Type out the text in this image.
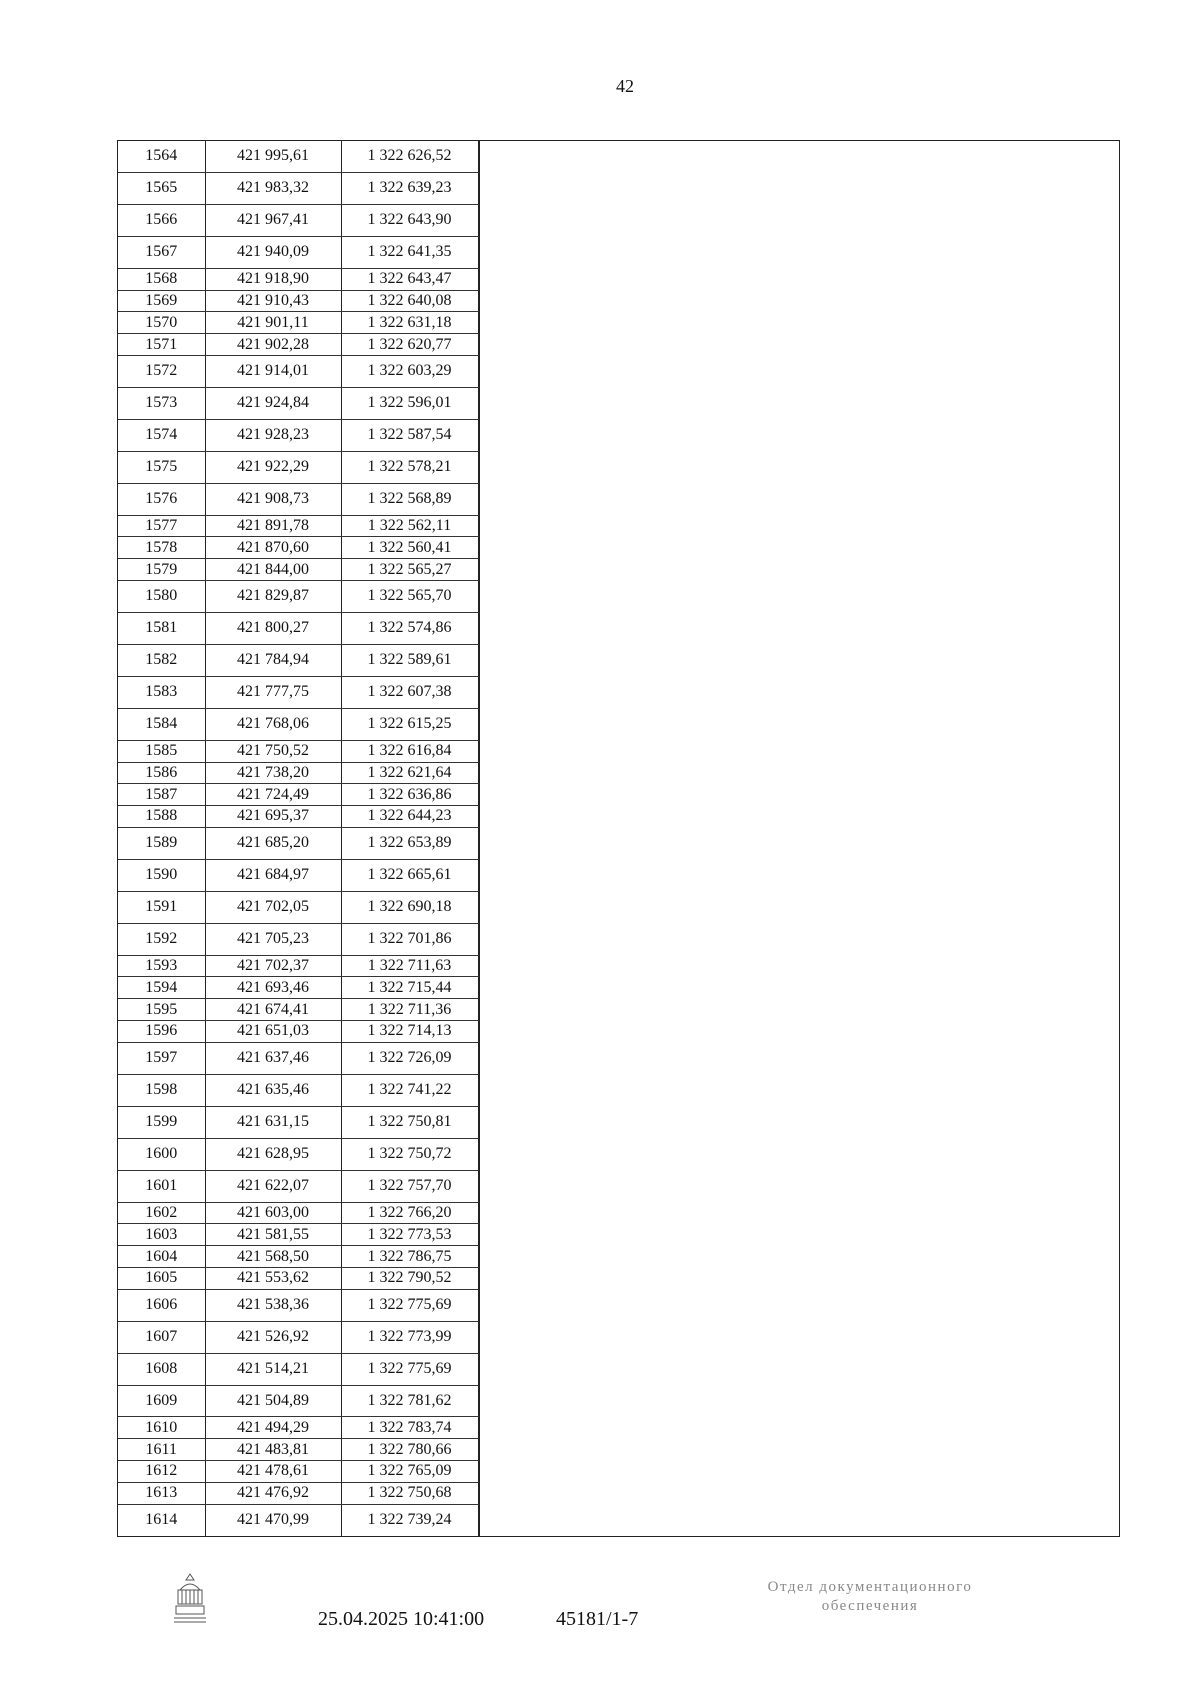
42
1564	421 995,61	1 322 626,52
1565	421 983,32	1 322 639,23
1566	421 967,41	1 322 643,90
1567	421 940,09	1 322 641,35
1568	421 918,90	1 322 643,47
1569	421 910,43	1 322 640,08
1570	421 901,11	1 322 631,18
1571	421 902,28	1 322 620,77
1572	421 914,01	1 322 603,29
1573	421 924,84	1 322 596,01
1574	421 928,23	1 322 587,54
1575	421 922,29	1 322 578,21
1576	421 908,73	1 322 568,89
1577	421 891,78	1 322 562,11
1578	421 870,60	1 322 560,41
1579	421 844,00	1 322 565,27
1580	421 829,87	1 322 565,70
1581	421 800,27	1 322 574,86
1582	421 784,94	1 322 589,61
1583	421 777,75	1 322 607,38
1584	421 768,06	1 322 615,25
1585	421 750,52	1 322 616,84
1586	421 738,20	1 322 621,64
1587	421 724,49	1 322 636,86
1588	421 695,37	1 322 644,23
1589	421 685,20	1 322 653,89
1590	421 684,97	1 322 665,61
1591	421 702,05	1 322 690,18
1592	421 705,23	1 322 701,86
1593	421 702,37	1 322 711,63
1594	421 693,46	1 322 715,44
1595	421 674,41	1 322 711,36
1596	421 651,03	1 322 714,13
1597	421 637,46	1 322 726,09
1598	421 635,46	1 322 741,22
1599	421 631,15	1 322 750,81
1600	421 628,95	1 322 750,72
1601	421 622,07	1 322 757,70
1602	421 603,00	1 322 766,20
1603	421 581,55	1 322 773,53
1604	421 568,50	1 322 786,75
1605	421 553,62	1 322 790,52
1606	421 538,36	1 322 775,69
1607	421 526,92	1 322 773,99
1608	421 514,21	1 322 775,69
1609	421 504,89	1 322 781,62
1610	421 494,29	1 322 783,74
1611	421 483,81	1 322 780,66
1612	421 478,61	1 322 765,09
1613	421 476,92	1 322 750,68
1614	421 470,99	1 322 739,24
25.04.2025 10:41:00	45181/1-7
Отдел документационного
обеспечения
